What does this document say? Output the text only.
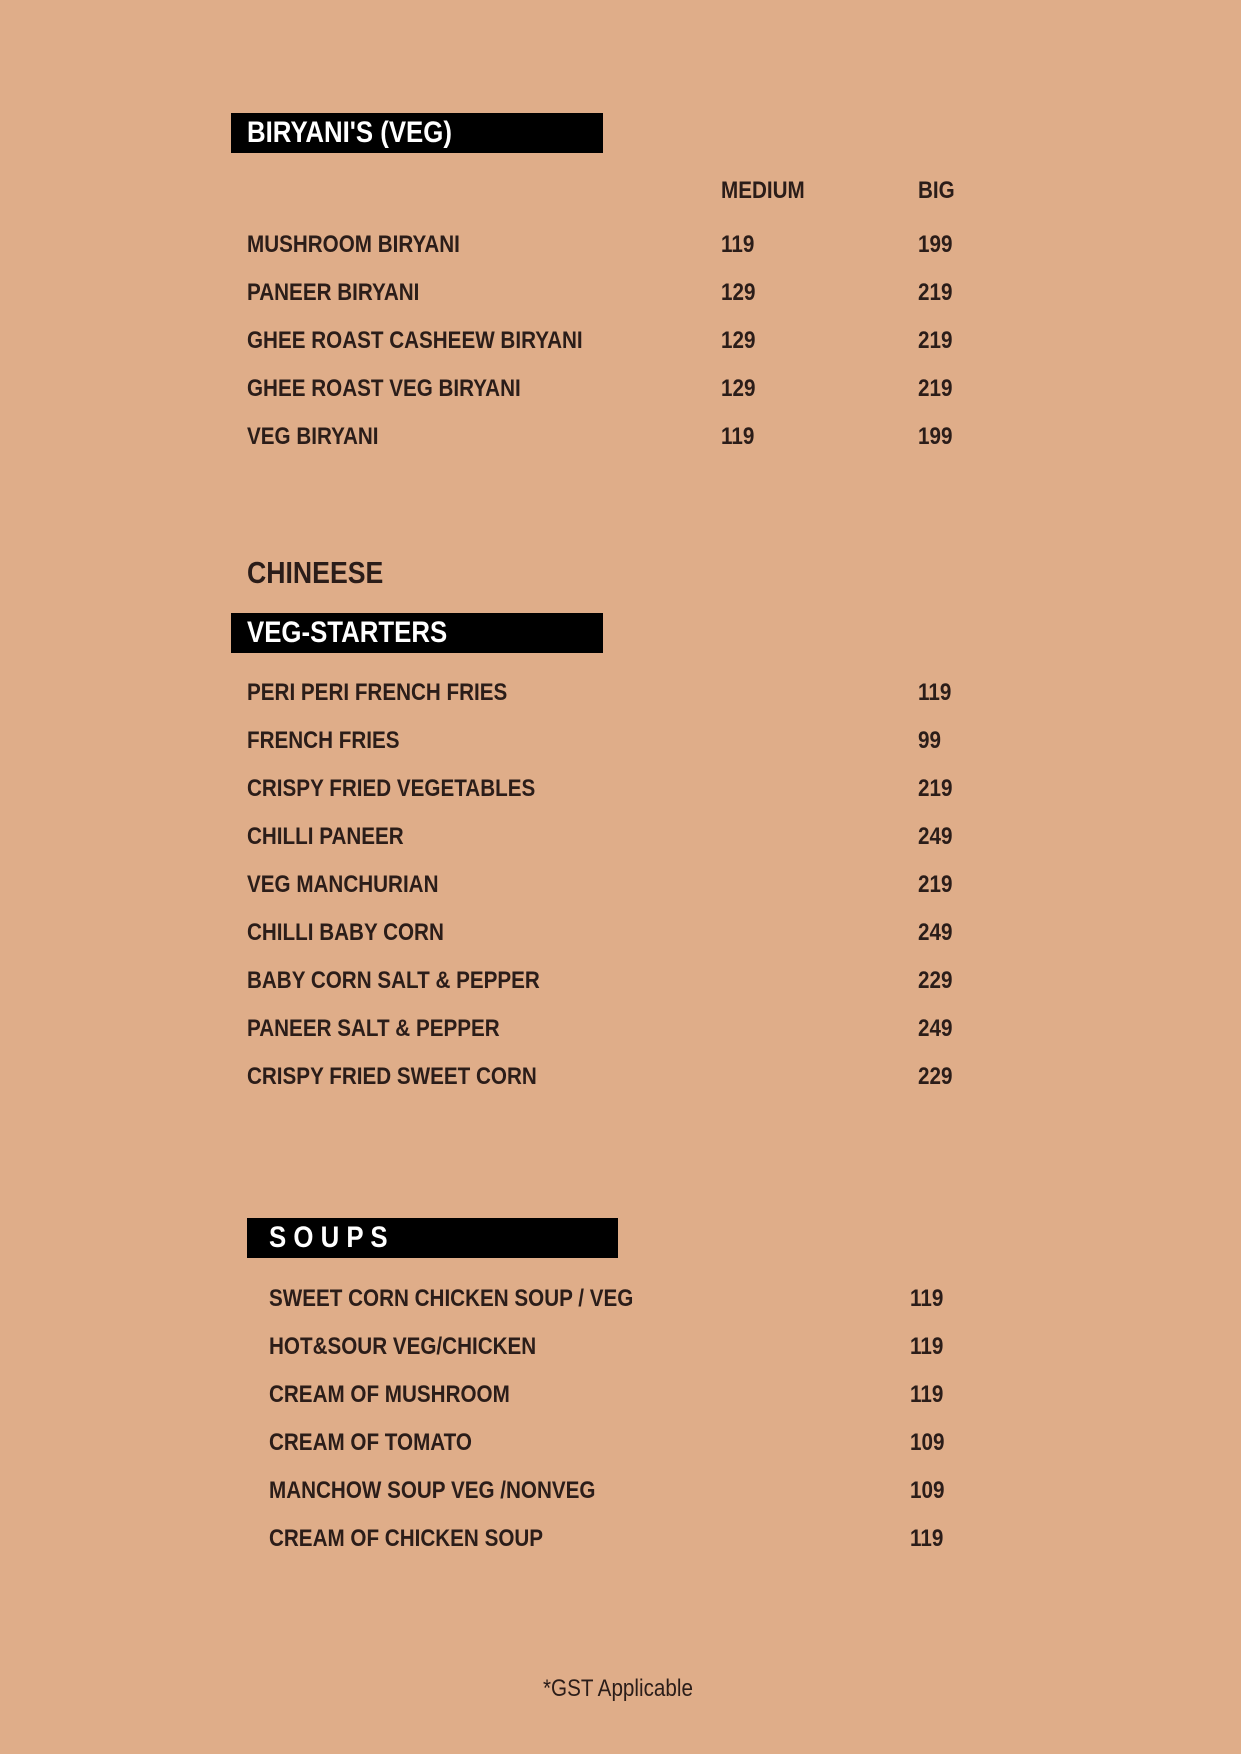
BIRYANI'S (VEG)
MEDIUM	BIG
MUSHROOM BIRYANI	119	199
PANEER BIRYANI	129	219
GHEE ROAST CASHEEW BIRYANI	129	219
GHEE ROAST VEG BIRYANI	129	219
VEG BIRYANI	119	199
CHINEESE
VEG-STARTERS
PERI PERI FRENCH FRIES	119
FRENCH FRIES	99
CRISPY FRIED VEGETABLES	219
CHILLI PANEER	249
VEG MANCHURIAN	219
CHILLI BABY CORN	249
BABY CORN SALT & PEPPER	229
PANEER SALT & PEPPER	249
CRISPY FRIED SWEET CORN	229
S O U P S
SWEET CORN CHICKEN SOUP / VEG	119
HOT&SOUR VEG/CHICKEN	119
CREAM OF MUSHROOM	119
CREAM OF TOMATO	109
MANCHOW SOUP VEG /NONVEG	109
CREAM OF CHICKEN SOUP	119
*GST Applicable
